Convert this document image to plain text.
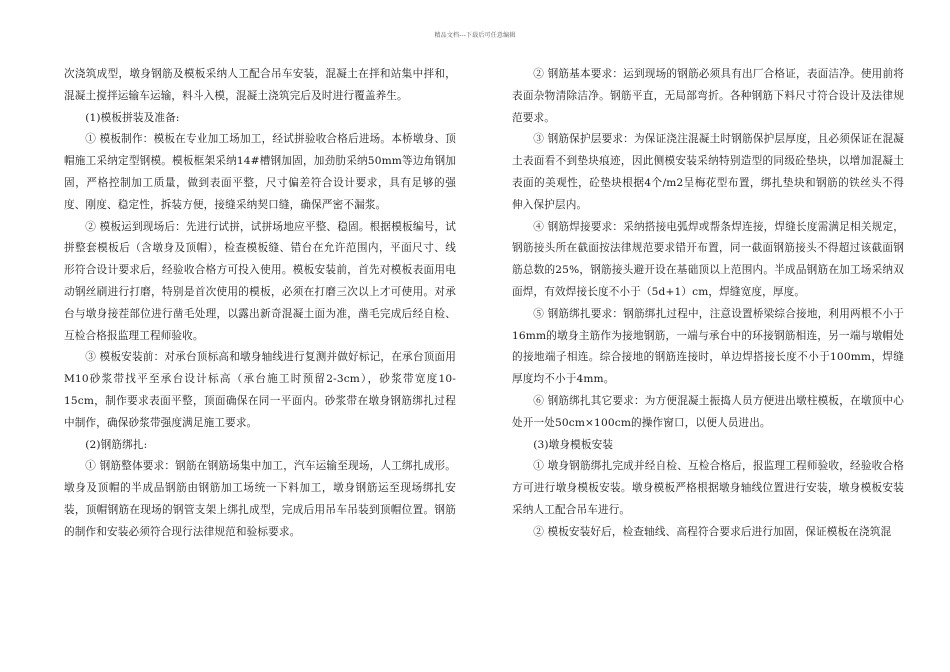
精品文档---下载后可任意编辑

次浇筑成型，墩身钢筋及模板采纳人工配合吊车安装，混凝土在拌和站集中拌和，混凝土搅拌运输车运输，料斗入模，混凝土浇筑完后及时进行覆盖养生。

(1)模板拼装及准备:

① 模板制作：模板在专业加工场加工，经试拼验收合格后进场。本桥墩身、顶帽施工采纳定型钢模。模板框架采纳14#槽钢加固，加劲肋采纳50mm等边角钢加固，严格控制加工质量，做到表面平整，尺寸偏差符合设计要求，具有足够的强度、刚度、稳定性，拆装方便，接缝采纳契口缝，确保严密不漏浆。

② 模板运到现场后：先进行试拼，试拼场地应平整、稳固。根据模板编号，试拼整套模板后（含墩身及顶帽），检查模板缝、错台在允许范围内，平面尺寸、线形符合设计要求后，经验收合格方可投入使用。模板安装前，首先对模板表面用电动钢丝刷进行打磨，特别是首次使用的模板，必须在打磨三次以上才可使用。对承台与墩身接茬部位进行凿毛处理，以露出新奇混凝土面为准，凿毛完成后经自检、互检合格报监理工程师验收。

③ 模板安装前：对承台顶标高和墩身轴线进行复测并做好标记，在承台顶面用M10砂浆带找平至承台设计标高（承台施工时预留2-3cm），砂浆带宽度10-15cm，制作要求表面平整，顶面确保在同一平面内。砂浆带在墩身钢筋绑扎过程中制作，确保砂浆带强度满足施工要求。

(2)钢筋绑扎:

① 钢筋整体要求：钢筋在钢筋场集中加工，汽车运输至现场，人工绑扎成形。墩身及顶帽的半成品钢筋由钢筋加工场统一下料加工，墩身钢筋运至现场绑扎安装，顶帽钢筋在现场的钢管支架上绑扎成型，完成后用吊车吊装到顶帽位置。钢筋的制作和安装必须符合现行法律规范和验标要求。

② 钢筋基本要求：运到现场的钢筋必须具有出厂合格证，表面洁净。使用前将表面杂物清除洁净。钢筋平直，无局部弯折。各种钢筋下料尺寸符合设计及法律规范要求。

③ 钢筋保护层要求：为保证浇注混凝土时钢筋保护层厚度，且必须保证在混凝土表面看不到垫块痕迹，因此侧模安装采纳特别造型的同级砼垫块，以增加混凝土表面的美观性，砼垫块根据4个/m2呈梅花型布置，绑扎垫块和钢筋的铁丝头不得伸入保护层内。

④ 钢筋焊接要求：采纳搭接电弧焊或帮条焊连接，焊缝长度需满足相关规定，钢筋接头所在截面按法律规范要求错开布置，同一截面钢筋接头不得超过该截面钢筋总数的25%，钢筋接头避开设在基础顶以上范围内。半成品钢筋在加工场采纳双面焊，有效焊接长度不小于（5d+1）cm，焊缝宽度，厚度。

⑤ 钢筋绑扎要求：钢筋绑扎过程中，注意设置桥梁综合接地，利用两根不小于16mm的墩身主筋作为接地钢筋，一端与承台中的环接钢筋相连，另一端与墩帽处的接地端子相连。综合接地的钢筋连接时，单边焊搭接长度不小于100mm，焊缝厚度均不小于4mm。

⑥ 钢筋绑扎其它要求：为方便混凝土振捣人员方便进出墩柱模板，在墩顶中心处开一处50cm×100cm的操作窗口，以便人员进出。

(3)墩身模板安装

① 墩身钢筋绑扎完成并经自检、互检合格后，报监理工程师验收，经验收合格方可进行墩身模板安装。墩身模板严格根据墩身轴线位置进行安装，墩身模板安装采纳人工配合吊车进行。

② 模板安装好后，检查轴线、高程符合要求后进行加固，保证模板在浇筑混
